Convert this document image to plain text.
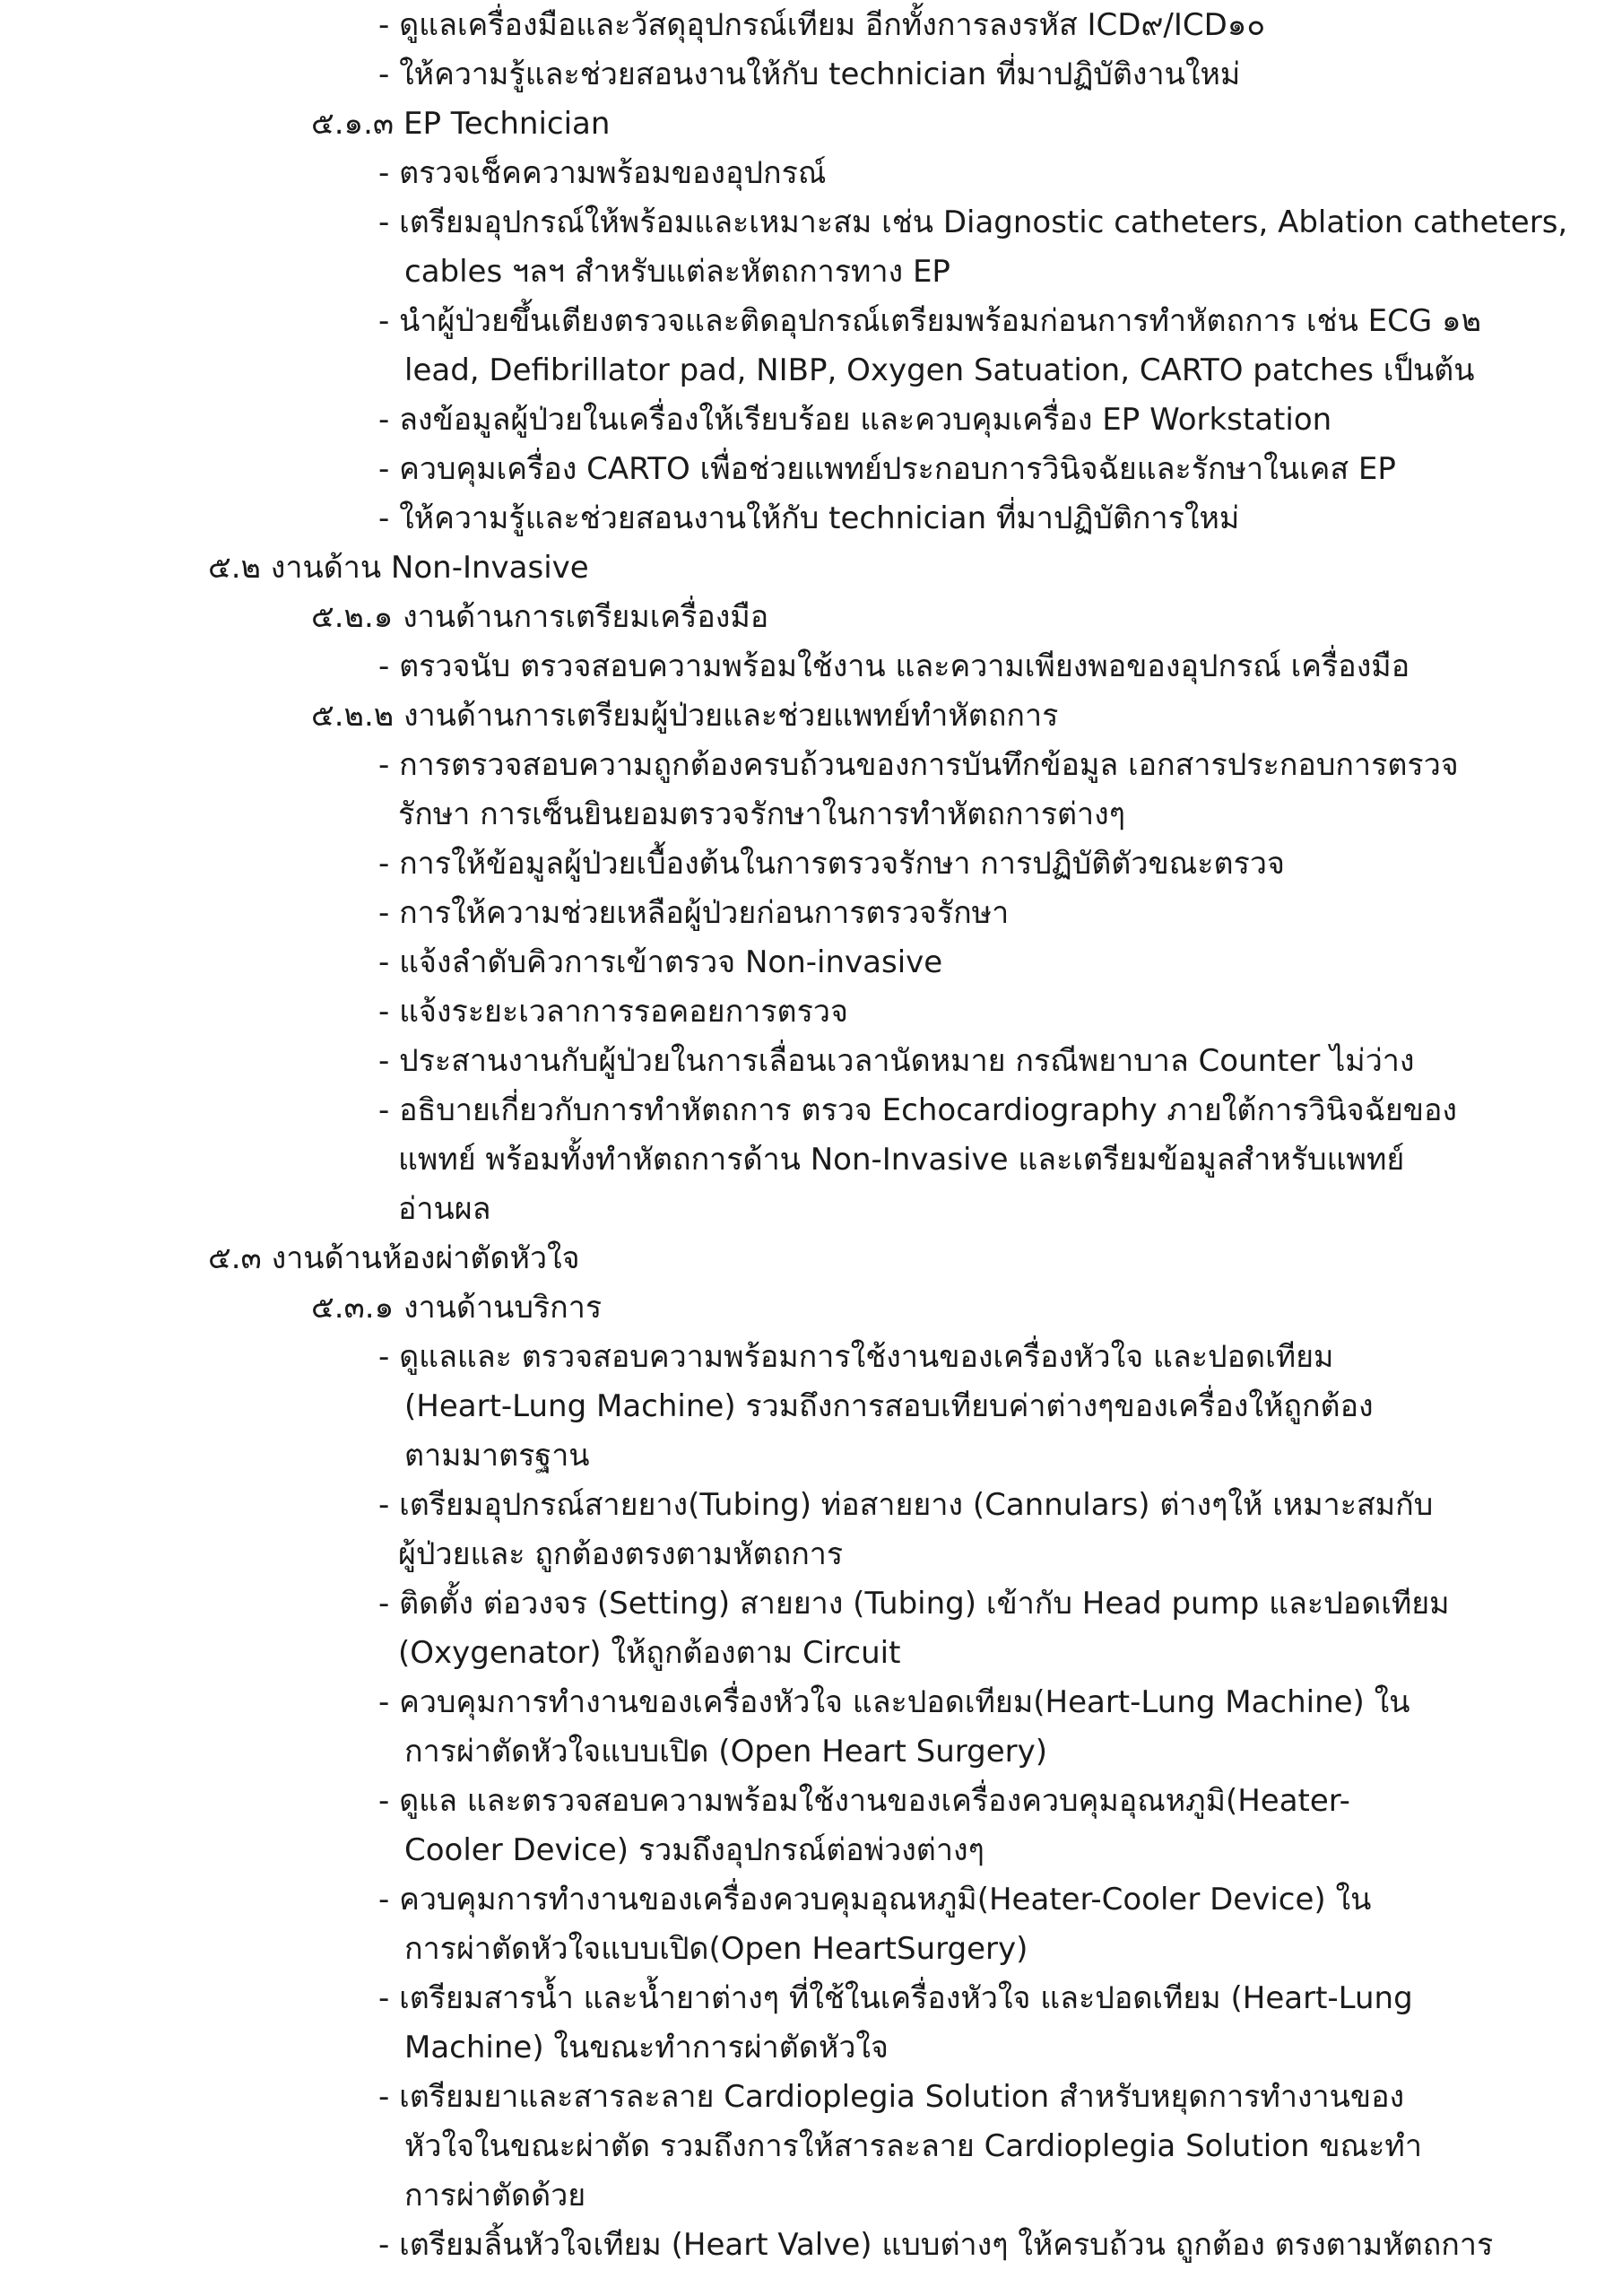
- ดูแลเครื่องมือและวัสดุอุปกรณ์เทียม อีกทั้งการลงรหัส ICD๙/ICD๑๐
- ให้ความรู้และช่วยสอนงานให้กับ technician ที่มาปฏิบัติงานใหม่
๕.๑.๓ EP Technician
- ตรวจเช็คความพร้อมของอุปกรณ์
- เตรียมอุปกรณ์ให้พร้อมและเหมาะสม เช่น Diagnostic catheters, Ablation catheters,
cables ฯลฯ สำหรับแต่ละหัตถการทาง EP
- นำผู้ป่วยขึ้นเตียงตรวจและติดอุปกรณ์เตรียมพร้อมก่อนการทำหัตถการ เช่น ECG ๑๒
lead, Defibrillator pad, NIBP, Oxygen Satuation, CARTO patches เป็นต้น
- ลงข้อมูลผู้ป่วยในเครื่องให้เรียบร้อย และควบคุมเครื่อง EP Workstation
- ควบคุมเครื่อง CARTO เพื่อช่วยแพทย์ประกอบการวินิจฉัยและรักษาในเคส EP
- ให้ความรู้และช่วยสอนงานให้กับ technician ที่มาปฏิบัติการใหม่
๕.๒ งานด้าน Non-Invasive
๕.๒.๑ งานด้านการเตรียมเครื่องมือ
- ตรวจนับ ตรวจสอบความพร้อมใช้งาน และความเพียงพอของอุปกรณ์ เครื่องมือ
๕.๒.๒ งานด้านการเตรียมผู้ป่วยและช่วยแพทย์ทำหัตถการ
- การตรวจสอบความถูกต้องครบถ้วนของการบันทึกข้อมูล เอกสารประกอบการตรวจ
รักษา การเซ็นยินยอมตรวจรักษาในการทำหัตถการต่างๆ
- การให้ข้อมูลผู้ป่วยเบื้องต้นในการตรวจรักษา การปฏิบัติตัวขณะตรวจ
- การให้ความช่วยเหลือผู้ป่วยก่อนการตรวจรักษา
- แจ้งลำดับคิวการเข้าตรวจ Non-invasive
- แจ้งระยะเวลาการรอคอยการตรวจ
- ประสานงานกับผู้ป่วยในการเลื่อนเวลานัดหมาย กรณีพยาบาล Counter ไม่ว่าง
- อธิบายเกี่ยวกับการทำหัตถการ ตรวจ Echocardiography ภายใต้การวินิจฉัยของ
แพทย์ พร้อมทั้งทำหัตถการด้าน Non-Invasive และเตรียมข้อมูลสำหรับแพทย์
อ่านผล
๕.๓ งานด้านห้องผ่าตัดหัวใจ
๕.๓.๑ งานด้านบริการ
- ดูแลและ ตรวจสอบความพร้อมการใช้งานของเครื่องหัวใจ และปอดเทียม
(Heart-Lung Machine) รวมถึงการสอบเทียบค่าต่างๆของเครื่องให้ถูกต้อง
ตามมาตรฐาน
- เตรียมอุปกรณ์สายยาง(Tubing) ท่อสายยาง (Cannulars) ต่างๆให้ เหมาะสมกับ
ผู้ป่วยและ ถูกต้องตรงตามหัตถการ
- ติดตั้ง ต่อวงจร (Setting) สายยาง (Tubing) เข้ากับ Head pump และปอดเทียม
(Oxygenator) ให้ถูกต้องตาม Circuit
- ควบคุมการทำงานของเครื่องหัวใจ และปอดเทียม(Heart-Lung Machine) ใน
การผ่าตัดหัวใจแบบเปิด (Open Heart Surgery)
- ดูแล และตรวจสอบความพร้อมใช้งานของเครื่องควบคุมอุณหภูมิ(Heater-
Cooler Device) รวมถึงอุปกรณ์ต่อพ่วงต่างๆ
- ควบคุมการทำงานของเครื่องควบคุมอุณหภูมิ(Heater-Cooler Device) ใน
การผ่าตัดหัวใจแบบเปิด(Open HeartSurgery)
- เตรียมสารน้ำ และน้ำยาต่างๆ ที่ใช้ในเครื่องหัวใจ และปอดเทียม (Heart-Lung
Machine) ในขณะทำการผ่าตัดหัวใจ
- เตรียมยาและสารละลาย Cardioplegia Solution สำหรับหยุดการทำงานของ
หัวใจในขณะผ่าตัด รวมถึงการให้สารละลาย Cardioplegia Solution ขณะทำ
การผ่าตัดด้วย
- เตรียมลิ้นหัวใจเทียม (Heart Valve) แบบต่างๆ ให้ครบถ้วน ถูกต้อง ตรงตามหัตถการ
